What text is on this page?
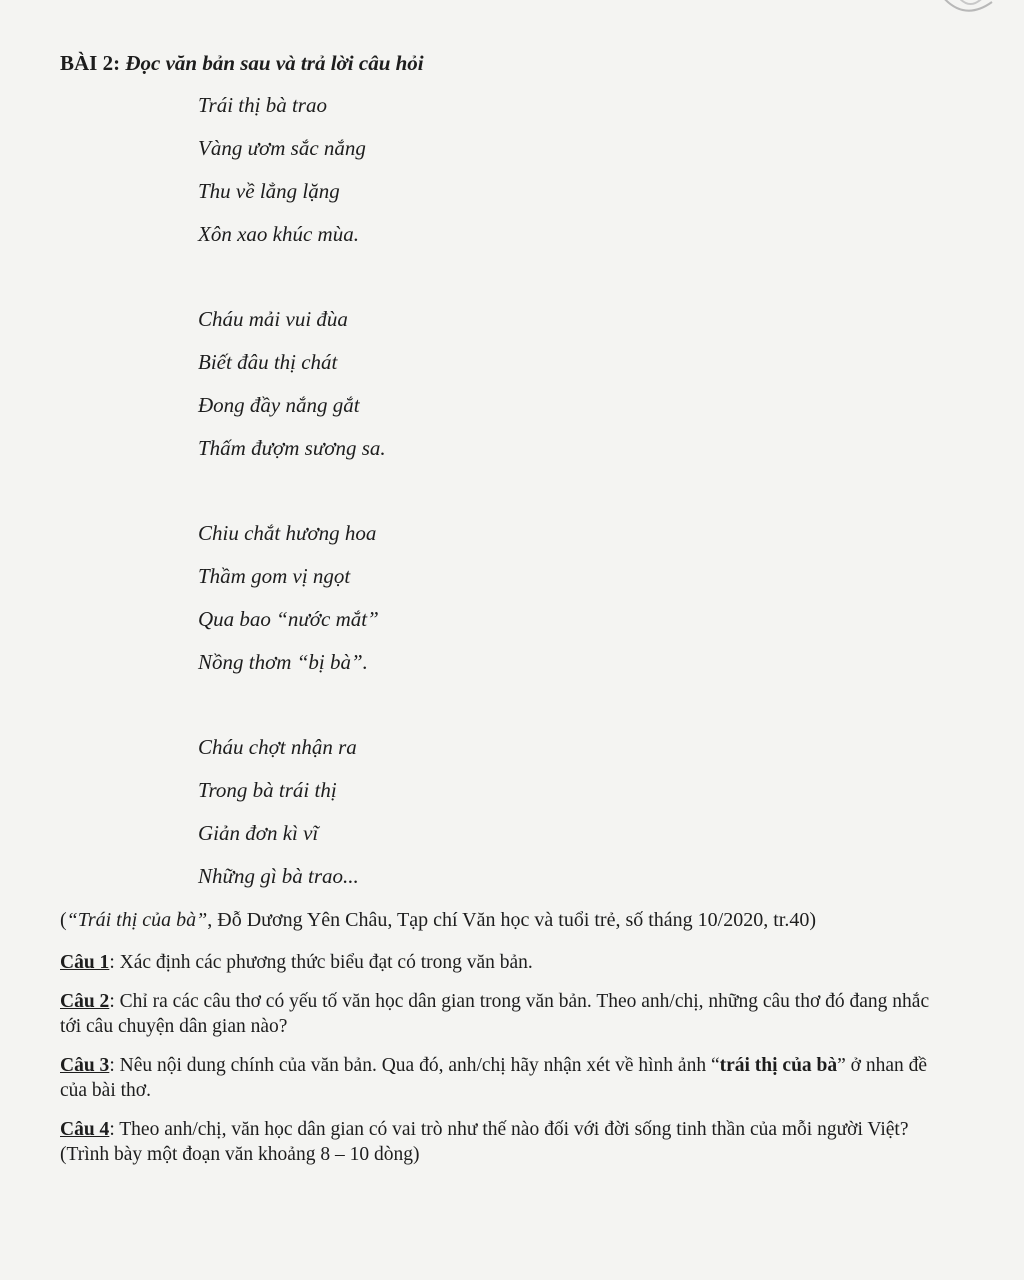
BÀI 2: Đọc văn bản sau và trả lời câu hỏi
Trái thị bà trao
Vàng ươm sắc nắng
Thu về lẳng lặng
Xôn xao khúc mùa.
Cháu mải vui đùa
Biết đâu thị chát
Đong đầy nắng gắt
Thấm đượm sương sa.
Chiu chắt hương hoa
Thầm gom vị ngọt
Qua bao “nước mắt”
Nồng thơm “bị bà”.
Cháu chợt nhận ra
Trong bà trái thị
Giản đơn kì vĩ
Những gì bà trao...
(“Trái thị của bà”, Đỗ Dương Yên Châu, Tạp chí Văn học và tuổi trẻ, số tháng 10/2020, tr.40)
Câu 1: Xác định các phương thức biểu đạt có trong văn bản.
Câu 2: Chỉ ra các câu thơ có yếu tố văn học dân gian trong văn bản. Theo anh/chị, những câu thơ đó đang nhắc tới câu chuyện dân gian nào?
Câu 3: Nêu nội dung chính của văn bản. Qua đó, anh/chị hãy nhận xét về hình ảnh “trái thị của bà” ở nhan đề của bài thơ.
Câu 4: Theo anh/chị, văn học dân gian có vai trò như thế nào đối với đời sống tinh thần của mỗi người Việt? (Trình bày một đoạn văn khoảng 8 – 10 dòng)
